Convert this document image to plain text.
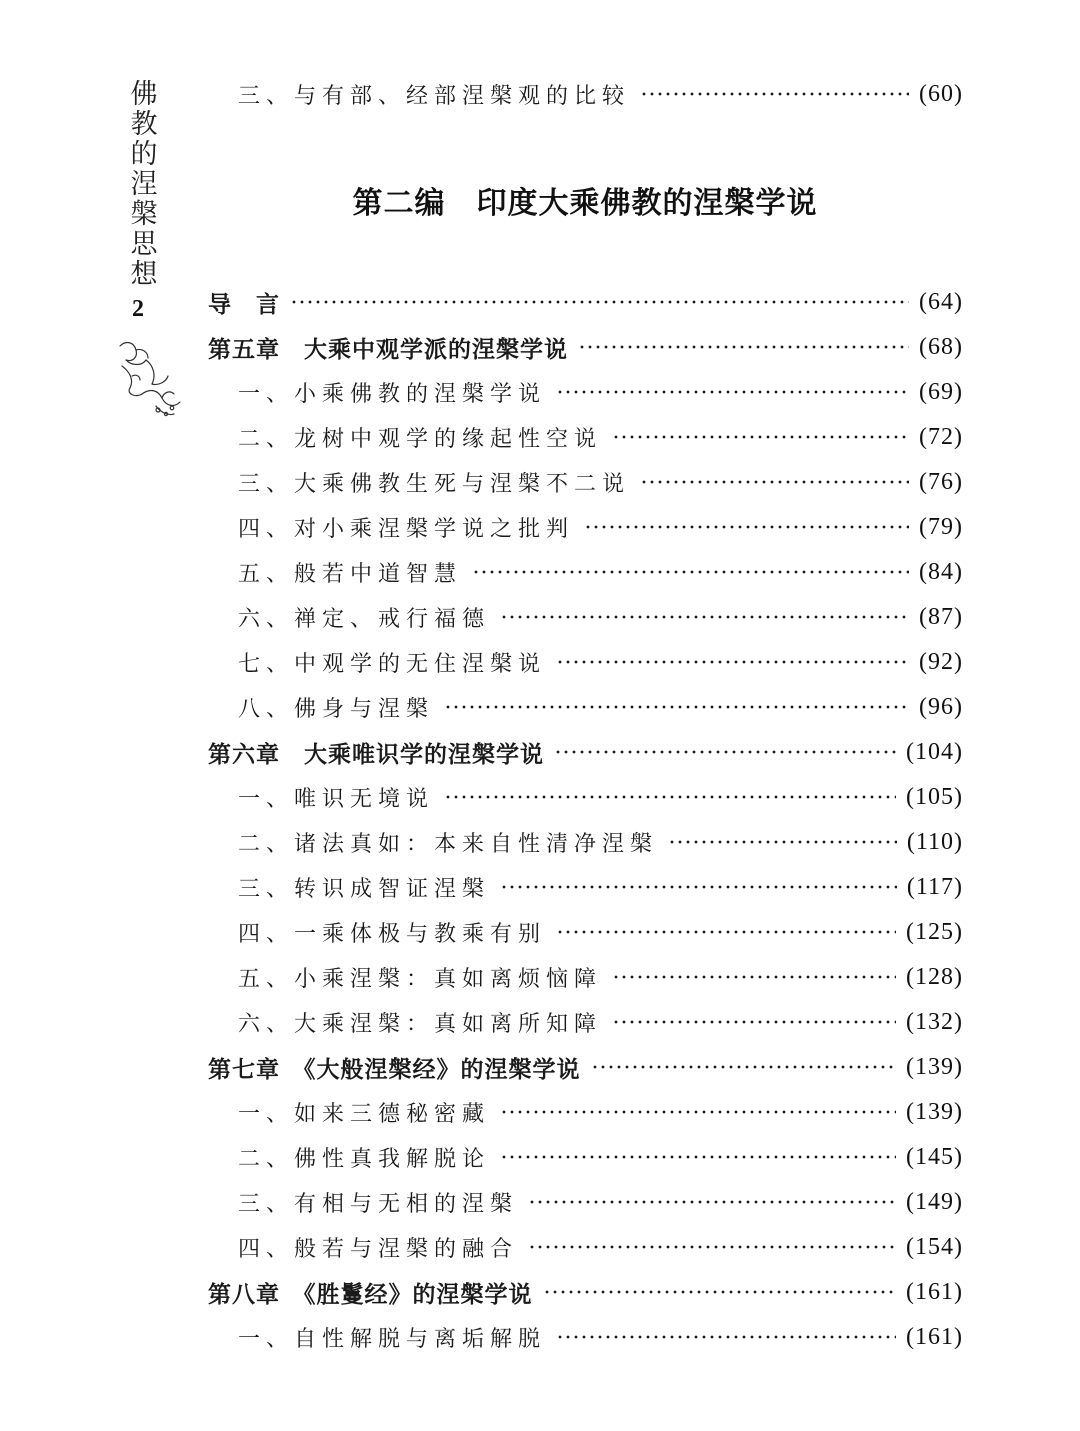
佛
教
的
涅
槃
思
想
2
第二编　印度大乘佛教的涅槃学说
三、与有部、经部涅槃观的比较	(60)
导　言	(64)
第五章　大乘中观学派的涅槃学说	(68)
一、小乘佛教的涅槃学说	(69)
二、龙树中观学的缘起性空说	(72)
三、大乘佛教生死与涅槃不二说	(76)
四、对小乘涅槃学说之批判	(79)
五、般若中道智慧	(84)
六、禅定、戒行福德	(87)
七、中观学的无住涅槃说	(92)
八、佛身与涅槃	(96)
第六章　大乘唯识学的涅槃学说	(104)
一、唯识无境说	(105)
二、诸法真如：本来自性清净涅槃	(110)
三、转识成智证涅槃	(117)
四、一乘体极与教乘有别	(125)
五、小乘涅槃：真如离烦恼障	(128)
六、大乘涅槃：真如离所知障	(132)
第七章　《大般涅槃经》的涅槃学说	(139)
一、如来三德秘密藏	(139)
二、佛性真我解脱论	(145)
三、有相与无相的涅槃	(149)
四、般若与涅槃的融合	(154)
第八章　《胜鬘经》的涅槃学说	(161)
一、自性解脱与离垢解脱	(161)
